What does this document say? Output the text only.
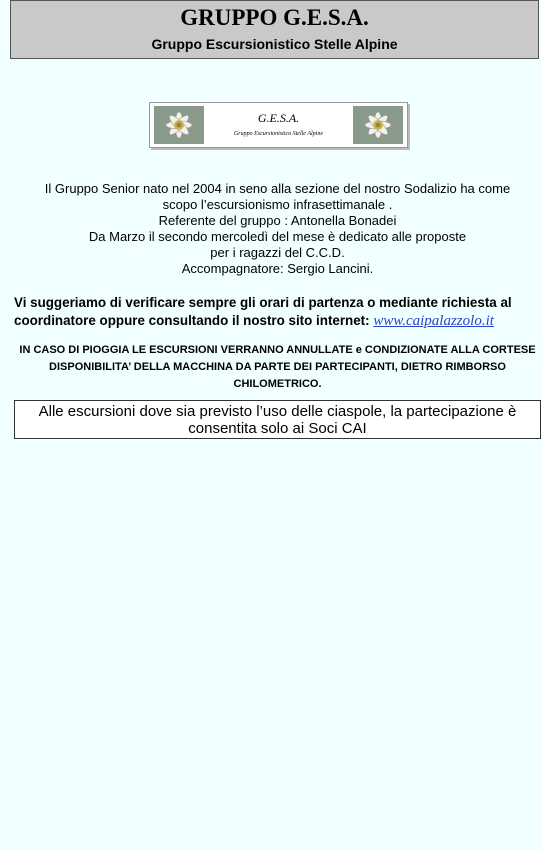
GRUPPO G.E.S.A.
Gruppo Escursionistico Stelle Alpine
G.E.S.A.
Gruppo Escursionistico Stelle Alpine
Il Gruppo Senior nato nel 2004 in seno alla sezione del nostro Sodalizio ha come
scopo l’escursionismo infrasettimanale .
Referente del gruppo : Antonella Bonadei
Da Marzo il secondo mercoledì del mese è dedicato alle proposte
per i ragazzi del C.C.D.
Accompagnatore: Sergio Lancini.
Vi suggeriamo di verificare sempre gli orari di partenza o mediante richiesta al coordinatore oppure consultando il nostro sito internet: www.caipalazzolo.it
IN CASO DI PIOGGIA LE ESCURSIONI VERRANNO ANNULLATE e CONDIZIONATE ALLA CORTESE DISPONIBILITA’ DELLA MACCHINA DA PARTE DEI PARTECIPANTI, DIETRO RIMBORSO CHILOMETRICO.
Alle escursioni dove sia previsto l’uso delle ciaspole, la partecipazione è consentita solo ai Soci CAI
